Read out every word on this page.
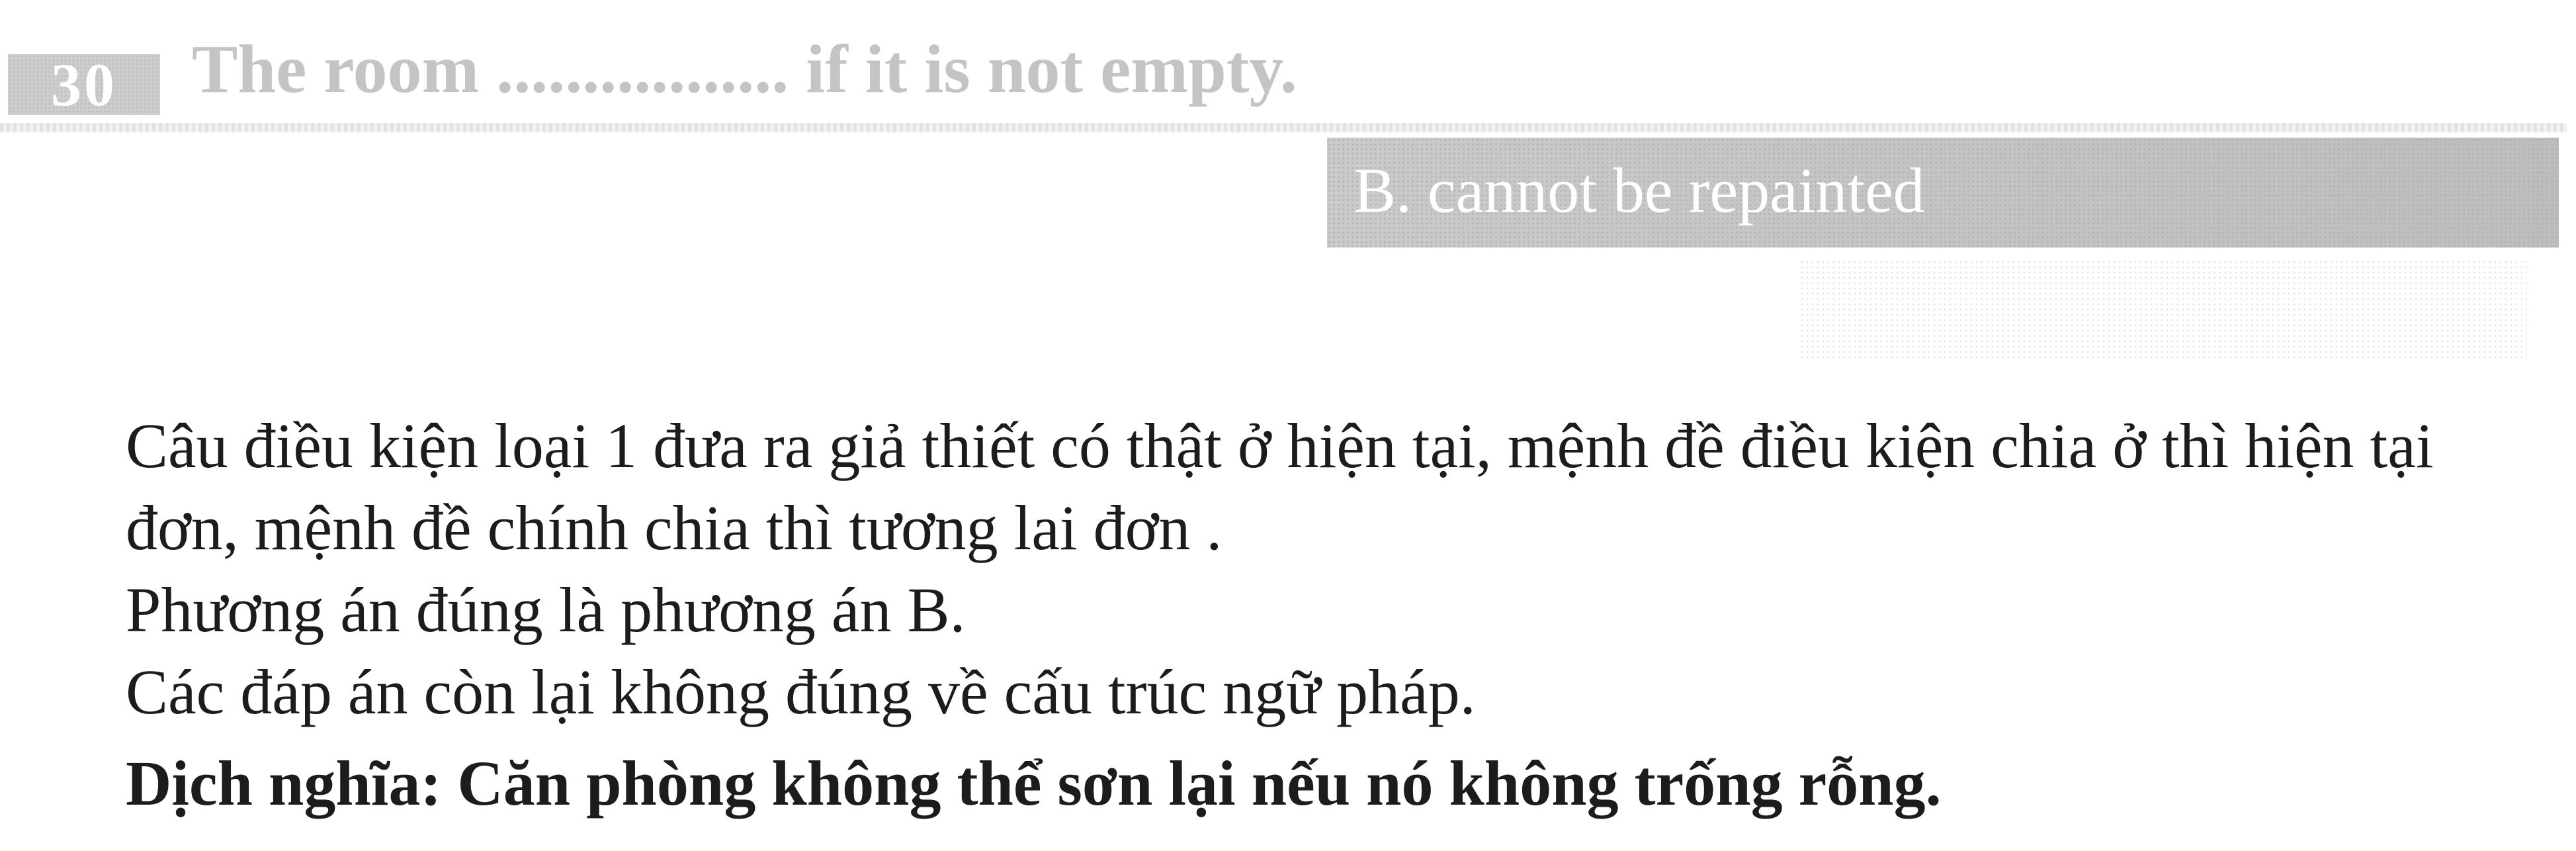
30	The room ................. if it is not empty.
B. cannot be repainted

Câu điều kiện loại 1 đưa ra giả thiết có thật ở hiện tại, mệnh đề điều kiện chia ở thì hiện tại

đơn, mệnh đề chính chia thì tương lai đơn .

Phương án đúng là phương án B.

Các đáp án còn lại không đúng về cấu trúc ngữ pháp.

Dịch nghĩa: Căn phòng không thể sơn lại nếu nó không trống rỗng.
